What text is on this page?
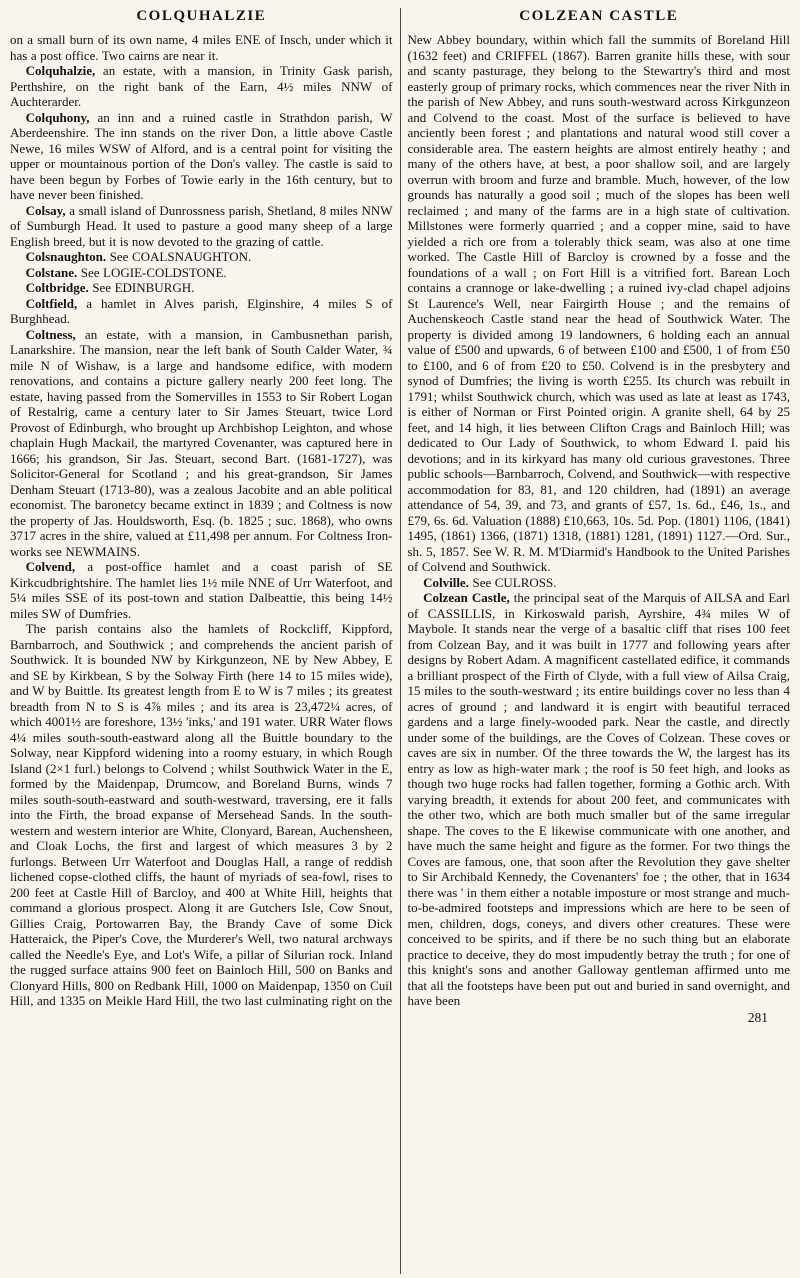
COLQUHALZIE

on a small burn of its own name, 4 miles ENE of Insch, under which it has a post office. Two cairns are near it.

Colquhalzie, an estate, with a mansion, in Trinity Gask parish, Perthshire, on the right bank of the Earn, 4½ miles NNW of Auchterarder.

Colquhony, an inn and a ruined castle in Strathdon parish, W Aberdeenshire. The inn stands on the river Don, a little above Castle Newe, 16 miles WSW of Alford, and is a central point for visiting the upper or mountainous portion of the Don's valley. The castle is said to have been begun by Forbes of Towie early in the 16th century, but to have never been finished.

Colsay, a small island of Dunrossness parish, Shetland, 8 miles NNW of Sumburgh Head. It used to pasture a good many sheep of a large English breed, but it is now devoted to the grazing of cattle.

Colsnaughton. See COALSNAUGHTON.

Colstane. See LOGIE-COLDSTONE.

Coltbridge. See EDINBURGH.

Coltfield, a hamlet in Alves parish, Elginshire, 4 miles S of Burghhead.

Coltness, an estate, with a mansion, in Cambusnethan parish, Lanarkshire. The mansion, near the left bank of South Calder Water, ¾ mile N of Wishaw, is a large and handsome edifice, with modern renovations, and contains a picture gallery nearly 200 feet long. The estate, having passed from the Somervilles in 1553 to Sir Robert Logan of Restalrig, came a century later to Sir James Steuart, twice Lord Provost of Edinburgh, who brought up Archbishop Leighton, and whose chaplain Hugh Mackail, the martyred Covenanter, was captured here in 1666; his grandson, Sir Jas. Steuart, second Bart. (1681-1727), was Solicitor-General for Scotland ; and his great-grandson, Sir James Denham Steuart (1713-80), was a zealous Jacobite and an able political economist. The baronetcy became extinct in 1839 ; and Coltness is now the property of Jas. Houldsworth, Esq. (b. 1825 ; suc. 1868), who owns 3717 acres in the shire, valued at £11,498 per annum. For Coltness Iron-works see NEWMAINS.

Colvend, a post-office hamlet and a coast parish of SE Kirkcudbrightshire. The hamlet lies 1½ mile NNE of Urr Waterfoot, and 5¼ miles SSE of its post-town and station Dalbeattie, this being 14½ miles SW of Dumfries.

The parish contains also the hamlets of Rockcliff, Kippford, Barnbarroch, and Southwick ; and comprehends the ancient parish of Southwick. It is bounded NW by Kirkgunzeon, NE by New Abbey, E and SE by Kirkbean, S by the Solway Firth (here 14 to 15 miles wide), and W by Buittle. Its greatest length from E to W is 7 miles ; its greatest breadth from N to S is 4⅞ miles ; and its area is 23,472¼ acres, of which 4001½ are foreshore, 13½ 'inks,' and 191 water. URR Water flows 4¼ miles south-south-eastward along all the Buittle boundary to the Solway, near Kippford widening into a roomy estuary, in which Rough Island (2×1 furl.) belongs to Colvend ; whilst Southwick Water in the E, formed by the Maidenpap, Drumcow, and Boreland Burns, winds 7 miles south-south-eastward and south-westward, traversing, ere it falls into the Firth, the broad expanse of Mersehead Sands. In the south-western and western interior are White, Clonyard, Barean, Auchensheen, and Cloak Lochs, the first and largest of which measures 3 by 2 furlongs. Between Urr Waterfoot and Douglas Hall, a range of reddish lichened copse-clothed cliffs, the haunt of myriads of sea-fowl, rises to 200 feet at Castle Hill of Barcloy, and 400 at White Hill, heights that command a glorious prospect. Along it are Gutchers Isle, Cow Snout, Gillies Craig, Portowarren Bay, the Brandy Cave of some Dick Hatteraick, the Piper's Cove, the Murderer's Well, two natural archways called the Needle's Eye, and Lot's Wife, a pillar of Silurian rock. Inland the rugged surface attains 900 feet on Bainloch Hill, 500 on Banks and Clonyard Hills, 800 on Redbank Hill, 1000 on Maidenpap, 1350 on Cuil Hill, and 1335 on Meikle Hard Hill, the two last culminating right on the

COLZEAN CASTLE

New Abbey boundary, within which fall the summits of Boreland Hill (1632 feet) and CRIFFEL (1867). Barren granite hills these, with sour and scanty pasturage, they belong to the Stewartry's third and most easterly group of primary rocks, which commences near the river Nith in the parish of New Abbey, and runs south-westward across Kirkgunzeon and Colvend to the coast. Most of the surface is believed to have anciently been forest ; and plantations and natural wood still cover a considerable area. The eastern heights are almost entirely heathy ; and many of the others have, at best, a poor shallow soil, and are largely overrun with broom and furze and bramble. Much, however, of the low grounds has naturally a good soil ; much of the slopes has been well reclaimed ; and many of the farms are in a high state of cultivation. Millstones were formerly quarried ; and a copper mine, said to have yielded a rich ore from a tolerably thick seam, was also at one time worked. The Castle Hill of Barcloy is crowned by a fosse and the foundations of a wall ; on Fort Hill is a vitrified fort. Barean Loch contains a crannoge or lake-dwelling ; a ruined ivy-clad chapel adjoins St Laurence's Well, near Fairgirth House ; and the remains of Auchenskeoch Castle stand near the head of Southwick Water. The property is divided among 19 landowners, 6 holding each an annual value of £500 and upwards, 6 of between £100 and £500, 1 of from £50 to £100, and 6 of from £20 to £50. Colvend is in the presbytery and synod of Dumfries; the living is worth £255. Its church was rebuilt in 1791; whilst Southwick church, which was used as late at least as 1743, is either of Norman or First Pointed origin. A granite shell, 64 by 25 feet, and 14 high, it lies between Clifton Crags and Bainloch Hill; was dedicated to Our Lady of Southwick, to whom Edward I. paid his devotions; and in its kirkyard has many old curious gravestones. Three public schools—Barnbarroch, Colvend, and Southwick—with respective accommodation for 83, 81, and 120 children, had (1891) an average attendance of 54, 39, and 73, and grants of £57, 1s. 6d., £46, 1s., and £79, 6s. 6d. Valuation (1888) £10,663, 10s. 5d. Pop. (1801) 1106, (1841) 1495, (1861) 1366, (1871) 1318, (1881) 1281, (1891) 1127.—Ord. Sur., sh. 5, 1857. See W. R. M. M'Diarmid's Handbook to the United Parishes of Colvend and Southwick.

Colville. See CULROSS.

Colzean Castle, the principal seat of the Marquis of AILSA and Earl of CASSILLIS, in Kirkoswald parish, Ayrshire, 4¾ miles W of Maybole. It stands near the verge of a basaltic cliff that rises 100 feet from Colzean Bay, and it was built in 1777 and following years after designs by Robert Adam. A magnificent castellated edifice, it commands a brilliant prospect of the Firth of Clyde, with a full view of Ailsa Craig, 15 miles to the south-westward ; its entire buildings cover no less than 4 acres of ground ; and landward it is engirt with beautiful terraced gardens and a large finely-wooded park. Near the castle, and directly under some of the buildings, are the Coves of Colzean. These coves or caves are six in number. Of the three towards the W, the largest has its entry as low as high-water mark ; the roof is 50 feet high, and looks as though two huge rocks had fallen together, forming a Gothic arch. With varying breadth, it extends for about 200 feet, and communicates with the other two, which are both much smaller but of the same irregular shape. The coves to the E likewise communicate with one another, and have much the same height and figure as the former. For two things the Coves are famous, one, that soon after the Revolution they gave shelter to Sir Archibald Kennedy, the Covenanters' foe ; the other, that in 1634 there was ' in them either a notable imposture or most strange and much-to-be-admired footsteps and impressions which are here to be seen of men, children, dogs, coneys, and divers other creatures. These were conceived to be spirits, and if there be no such thing but an elaborate practice to deceive, they do most impudently betray the truth ; for one of this knight's sons and another Galloway gentleman affirmed unto me that all the footsteps have been put out and buried in sand overnight, and have been

281
